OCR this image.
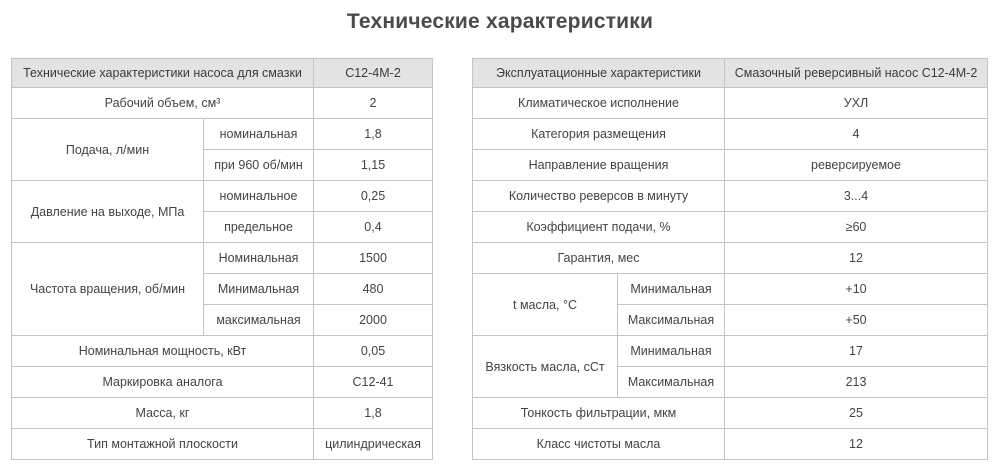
Технические характеристики
Технические характеристики насоса для смазки		С12-4М-2
Рабочий объем, см³		2
Подача, л/мин	номинальная	1,8
	при 960 об/мин	1,15
Давление на выходе, МПа	номинальное	0,25
	предельное	0,4
Частота вращения, об/мин	Номинальная	1500
	Минимальная	480
	максимальная	2000
Номинальная мощность, кВт		0,05
Маркировка аналога		С12-41
Масса, кг		1,8
Тип монтажной плоскости		цилиндрическая
Эксплуатационные характеристики		Смазочный реверсивный насос С12-4М-2
Климатическое исполнение		УХЛ
Категория размещения		4
Направление вращения		реверсируемое
Количество реверсов в минуту		3...4
Коэффициент подачи, %		≥60
Гарантия, мес		12
t масла, °С	Минимальная	+10
	Максимальная	+50
Вязкость масла, сСт	Минимальная	17
	Максимальная	213
Тонкость фильтрации, мкм		25
Класс чистоты масла		12
